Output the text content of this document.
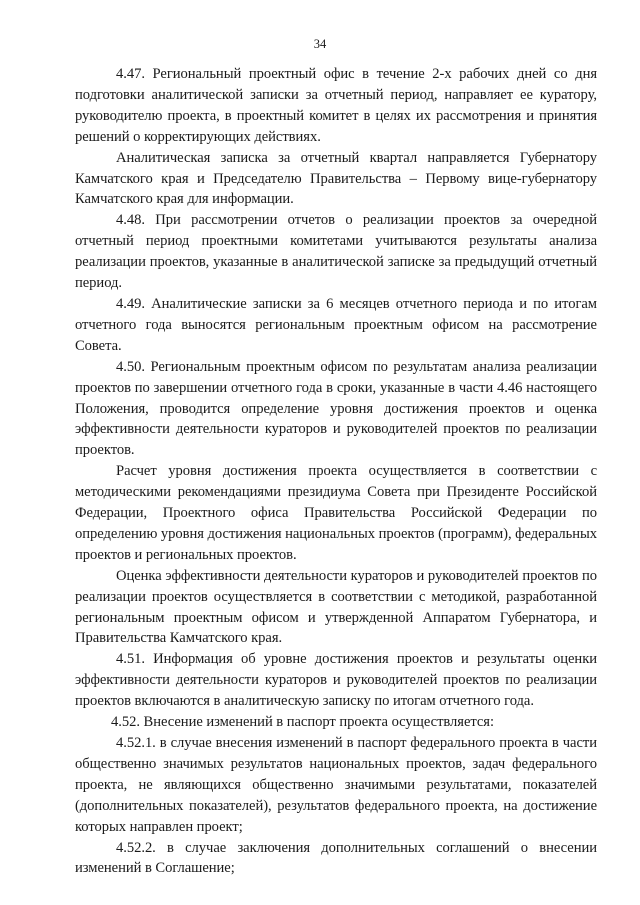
34

4.47. Региональный проектный офис в течение 2-х рабочих дней со дня подготовки аналитической записки за отчетный период, направляет ее куратору, руководителю проекта, в проектный комитет в целях их рассмотрения и принятия решений о корректирующих действиях.

Аналитическая записка за отчетный квартал направляется Губернатору Камчатского края и Председателю Правительства – Первому вице-губернатору Камчатского края для информации.

4.48. При рассмотрении отчетов о реализации проектов за очередной отчетный период проектными комитетами учитываются результаты анализа реализации проектов, указанные в аналитической записке за предыдущий отчетный период.

4.49. Аналитические записки за 6 месяцев отчетного периода и по итогам отчетного года выносятся региональным проектным офисом на рассмотрение Совета.

4.50. Региональным проектным офисом по результатам анализа реализации проектов по завершении отчетного года в сроки, указанные в части 4.46 настоящего Положения, проводится определение уровня достижения проектов и оценка эффективности деятельности кураторов и руководителей проектов по реализации проектов.

Расчет уровня достижения проекта осуществляется в соответствии с методическими рекомендациями президиума Совета при Президенте Российской Федерации, Проектного офиса Правительства Российской Федерации по определению уровня достижения национальных проектов (программ), федеральных проектов и региональных проектов.

Оценка эффективности деятельности кураторов и руководителей проектов по реализации проектов осуществляется в соответствии с методикой, разработанной региональным проектным офисом и утвержденной Аппаратом Губернатора, и Правительства Камчатского края.

4.51. Информация об уровне достижения проектов и результаты оценки эффективности деятельности кураторов и руководителей проектов по реализации проектов включаются в аналитическую записку по итогам отчетного года.

4.52. Внесение изменений в паспорт проекта осуществляется:

4.52.1. в случае внесения изменений в паспорт федерального проекта в части общественно значимых результатов национальных проектов, задач федерального проекта, не являющихся общественно значимыми результатами, показателей (дополнительных показателей), результатов федерального проекта, на достижение которых направлен проект;

4.52.2. в случае заключения дополнительных соглашений о внесении изменений в Соглашение;
